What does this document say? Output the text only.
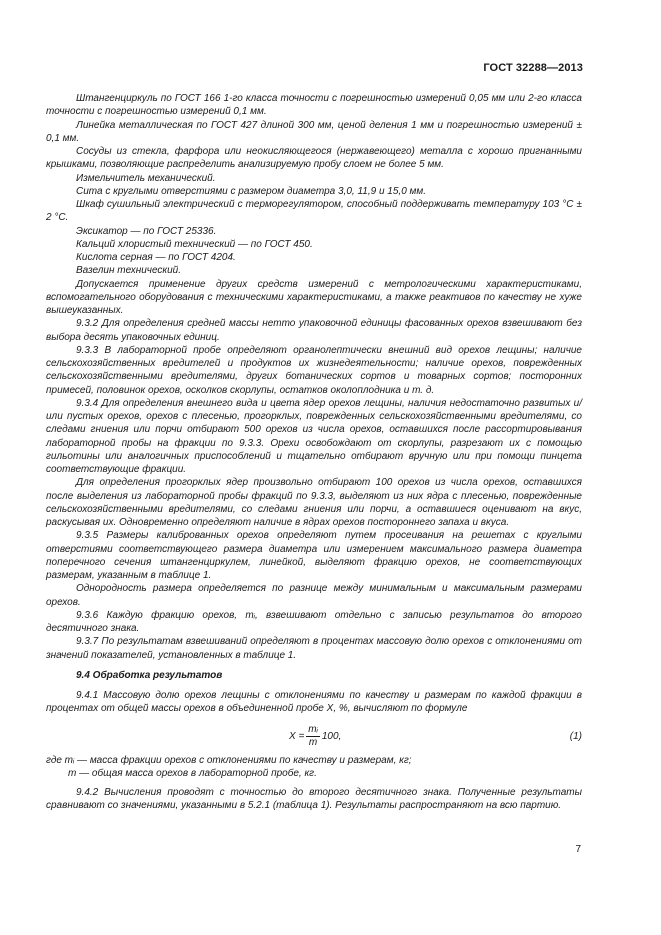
ГОСТ 32288—2013

Штангенциркуль по ГОСТ 166 1-го класса точности с погрешностью измерений 0,05 мм или 2-го класса точности с погрешностью измерений 0,1 мм.

Линейка металлическая по ГОСТ 427 длиной 300 мм, ценой деления 1 мм и погрешностью измерений ± 0,1 мм.

Сосуды из стекла, фарфора или неокисляющегося (нержавеющего) металла с хорошо пригнанными крышками, позволяющие распределить анализируемую пробу слоем не более 5 мм.

Измельчитель механический.

Сита с круглыми отверстиями с размером диаметра 3,0, 11,9 и 15,0 мм.

Шкаф сушильный электрический с терморегулятором, способный поддерживать температуру 103 °С ± 2 °С.

Эксикатор — по ГОСТ 25336.

Кальций хлористый технический — по ГОСТ 450.

Кислота серная — по ГОСТ 4204.

Вазелин технический.

Допускается применение других средств измерений с метрологическими характеристиками, вспомогательного оборудования с техническими характеристиками, а также реактивов по качеству не хуже вышеуказанных.

9.3.2 Для определения средней массы нетто упаковочной единицы фасованных орехов взвешивают без выбора десять упаковочных единиц.

9.3.3 В лабораторной пробе определяют органолептически внешний вид орехов лещины; наличие сельскохозяйственных вредителей и продуктов их жизнедеятельности; наличие орехов, поврежденных сельскохозяйственными вредителями, других ботанических сортов и товарных сортов; посторонних примесей, половинок орехов, осколков скорлупы, остатков околоплодника и т. д.

9.3.4 Для определения внешнего вида и цвета ядер орехов лещины, наличия недостаточно развитых и/или пустых орехов, орехов с плесенью, прогорклых, поврежденных сельскохозяйственными вредителями, со следами гниения или порчи отбирают 500 орехов из числа орехов, оставшихся после рассортировывания лабораторной пробы на фракции по 9.3.3. Орехи освобождают от скорлупы, разрезают их с помощью гильотины или аналогичных приспособлений и тщательно отбирают вручную или при помощи пинцета соответствующие фракции.

Для определения прогорклых ядер произвольно отбирают 100 орехов из числа орехов, оставшихся после выделения из лабораторной пробы фракций по 9.3.3, выделяют из них ядра с плесенью, поврежденные сельскохозяйственными вредителями, со следами гниения или порчи, а оставшиеся оценивают на вкус, раскусывая их. Одновременно определяют наличие в ядрах орехов постороннего запаха и вкуса.

9.3.5 Размеры калиброванных орехов определяют путем просеивания на решетах с круглыми отверстиями соответствующего размера диаметра или измерением максимального размера диаметра поперечного сечения штангенциркулем, линейкой, выделяют фракцию орехов, не соответствующих размерам, указанным в таблице 1.

Однородность размера определяется по разнице между минимальным и максимальным размерами орехов.

9.3.6 Каждую фракцию орехов, mᵢ, взвешивают отдельно с записью результатов до второго десятичного знака.

9.3.7 По результатам взвешиваний определяют в процентах массовую долю орехов с отклонениями от значений показателей, установленных в таблице 1.

9.4 Обработка результатов

9.4.1 Массовую долю орехов лещины с отклонениями по качеству и размерам по каждой фракции в процентах от общей массы орехов в объединенной пробе X, %, вычисляют по формуле

$X = \frac{\text{mᵢ}}{m} 100$,	(1)

где mᵢ — масса фракции орехов с отклонениями по качеству и размерам, кг;

m — общая масса орехов в лабораторной пробе, кг.

9.4.2 Вычисления проводят с точностью до второго десятичного знака. Полученные результаты сравнивают со значениями, указанными в 5.2.1 (таблица 1). Результаты распространяют на всю партию.

7
